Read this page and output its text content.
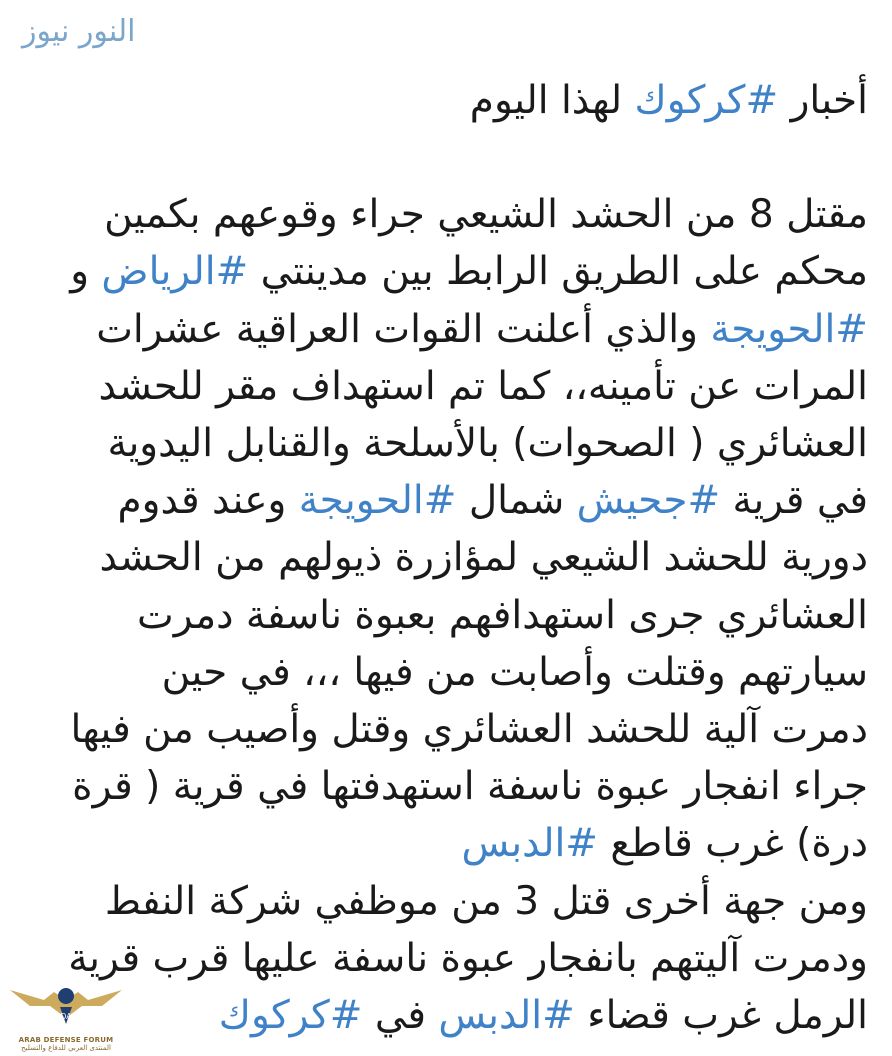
النور نيوز
أخبار #كركوك لهذا اليوم
مقتل 8 من الحشد الشيعي جراء وقوعهم بكمين
محكم على الطريق الرابط بين مدينتي #الرياض و
#الحويجة والذي أعلنت القوات العراقية عشرات
المرات عن تأمينه،، كما تم استهداف مقر للحشد
العشائري ( الصحوات) بالأسلحة والقنابل اليدوية
في قرية #جحيش شمال #الحويجة وعند قدوم
دورية للحشد الشيعي لمؤازرة ذيولهم من الحشد
العشائري جرى استهدافهم بعبوة ناسفة دمرت
سيارتهم وقتلت وأصابت من فيها ،،، في حين
دمرت آلية للحشد العشائري وقتل وأصيب من فيها
جراء انفجار عبوة ناسفة استهدفتها في قرية ( قرة
درة) غرب قاطع #الدبس
ومن جهة أخرى قتل 3 من موظفي شركة النفط
ودمرت آليتهم بانفجار عبوة ناسفة عليها قرب قرية
الرمل غرب قضاء #الدبس في #كركوك
DA
ARAB DEFENSE FORUM
المنتدى العربي للدفاع والتسليح
